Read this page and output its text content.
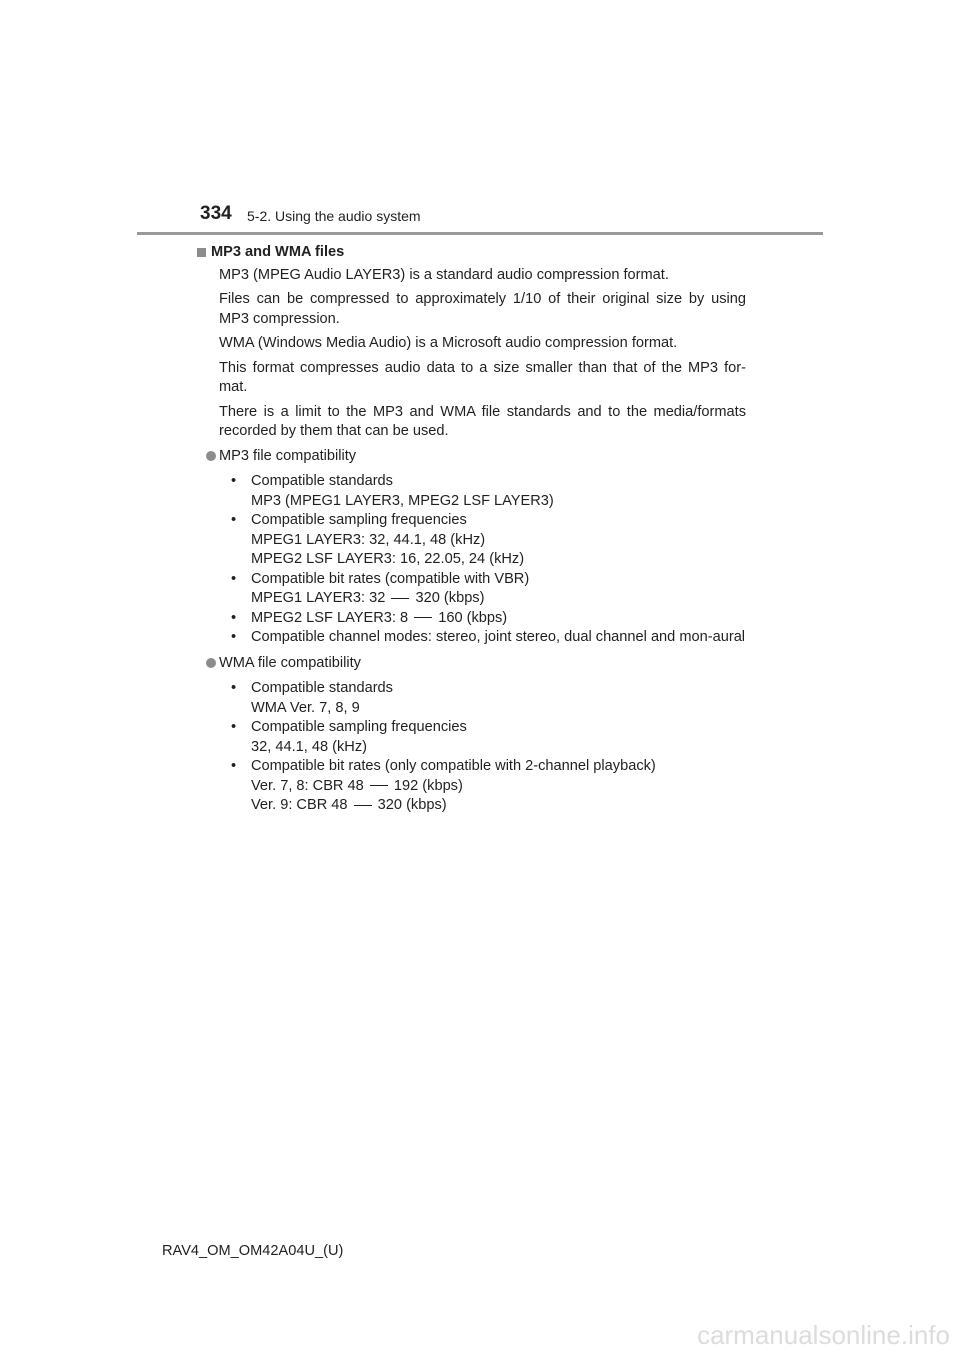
334 5-2. Using the audio system
MP3 and WMA files

MP3 (MPEG Audio LAYER3) is a standard audio compression format.

Files can be compressed to approximately 1/10 of their original size by using MP3 compression.

WMA (Windows Media Audio) is a Microsoft audio compression format.

This format compresses audio data to a size smaller than that of the MP3 for-mat.

There is a limit to the MP3 and WMA file standards and to the media/formats recorded by them that can be used.

MP3 file compatibility
• Compatible standards
MP3 (MPEG1 LAYER3, MPEG2 LSF LAYER3)
• Compatible sampling frequencies
MPEG1 LAYER3: 32, 44.1, 48 (kHz)
MPEG2 LSF LAYER3: 16, 22.05, 24 (kHz)
• Compatible bit rates (compatible with VBR)
MPEG1 LAYER3: 32 320 (kbps)
• MPEG2 LSF LAYER3: 8 160 (kbps)
• Compatible channel modes: stereo, joint stereo, dual channel and mon-aural
WMA file compatibility
• Compatible standards
WMA Ver. 7, 8, 9
• Compatible sampling frequencies
32, 44.1, 48 (kHz)
• Compatible bit rates (only compatible with 2-channel playback)
Ver. 7, 8: CBR 48 192 (kbps)
Ver. 9: CBR 48 320 (kbps)
RAV4_OM_OM42A04U_(U)
carmanualsonline.info
